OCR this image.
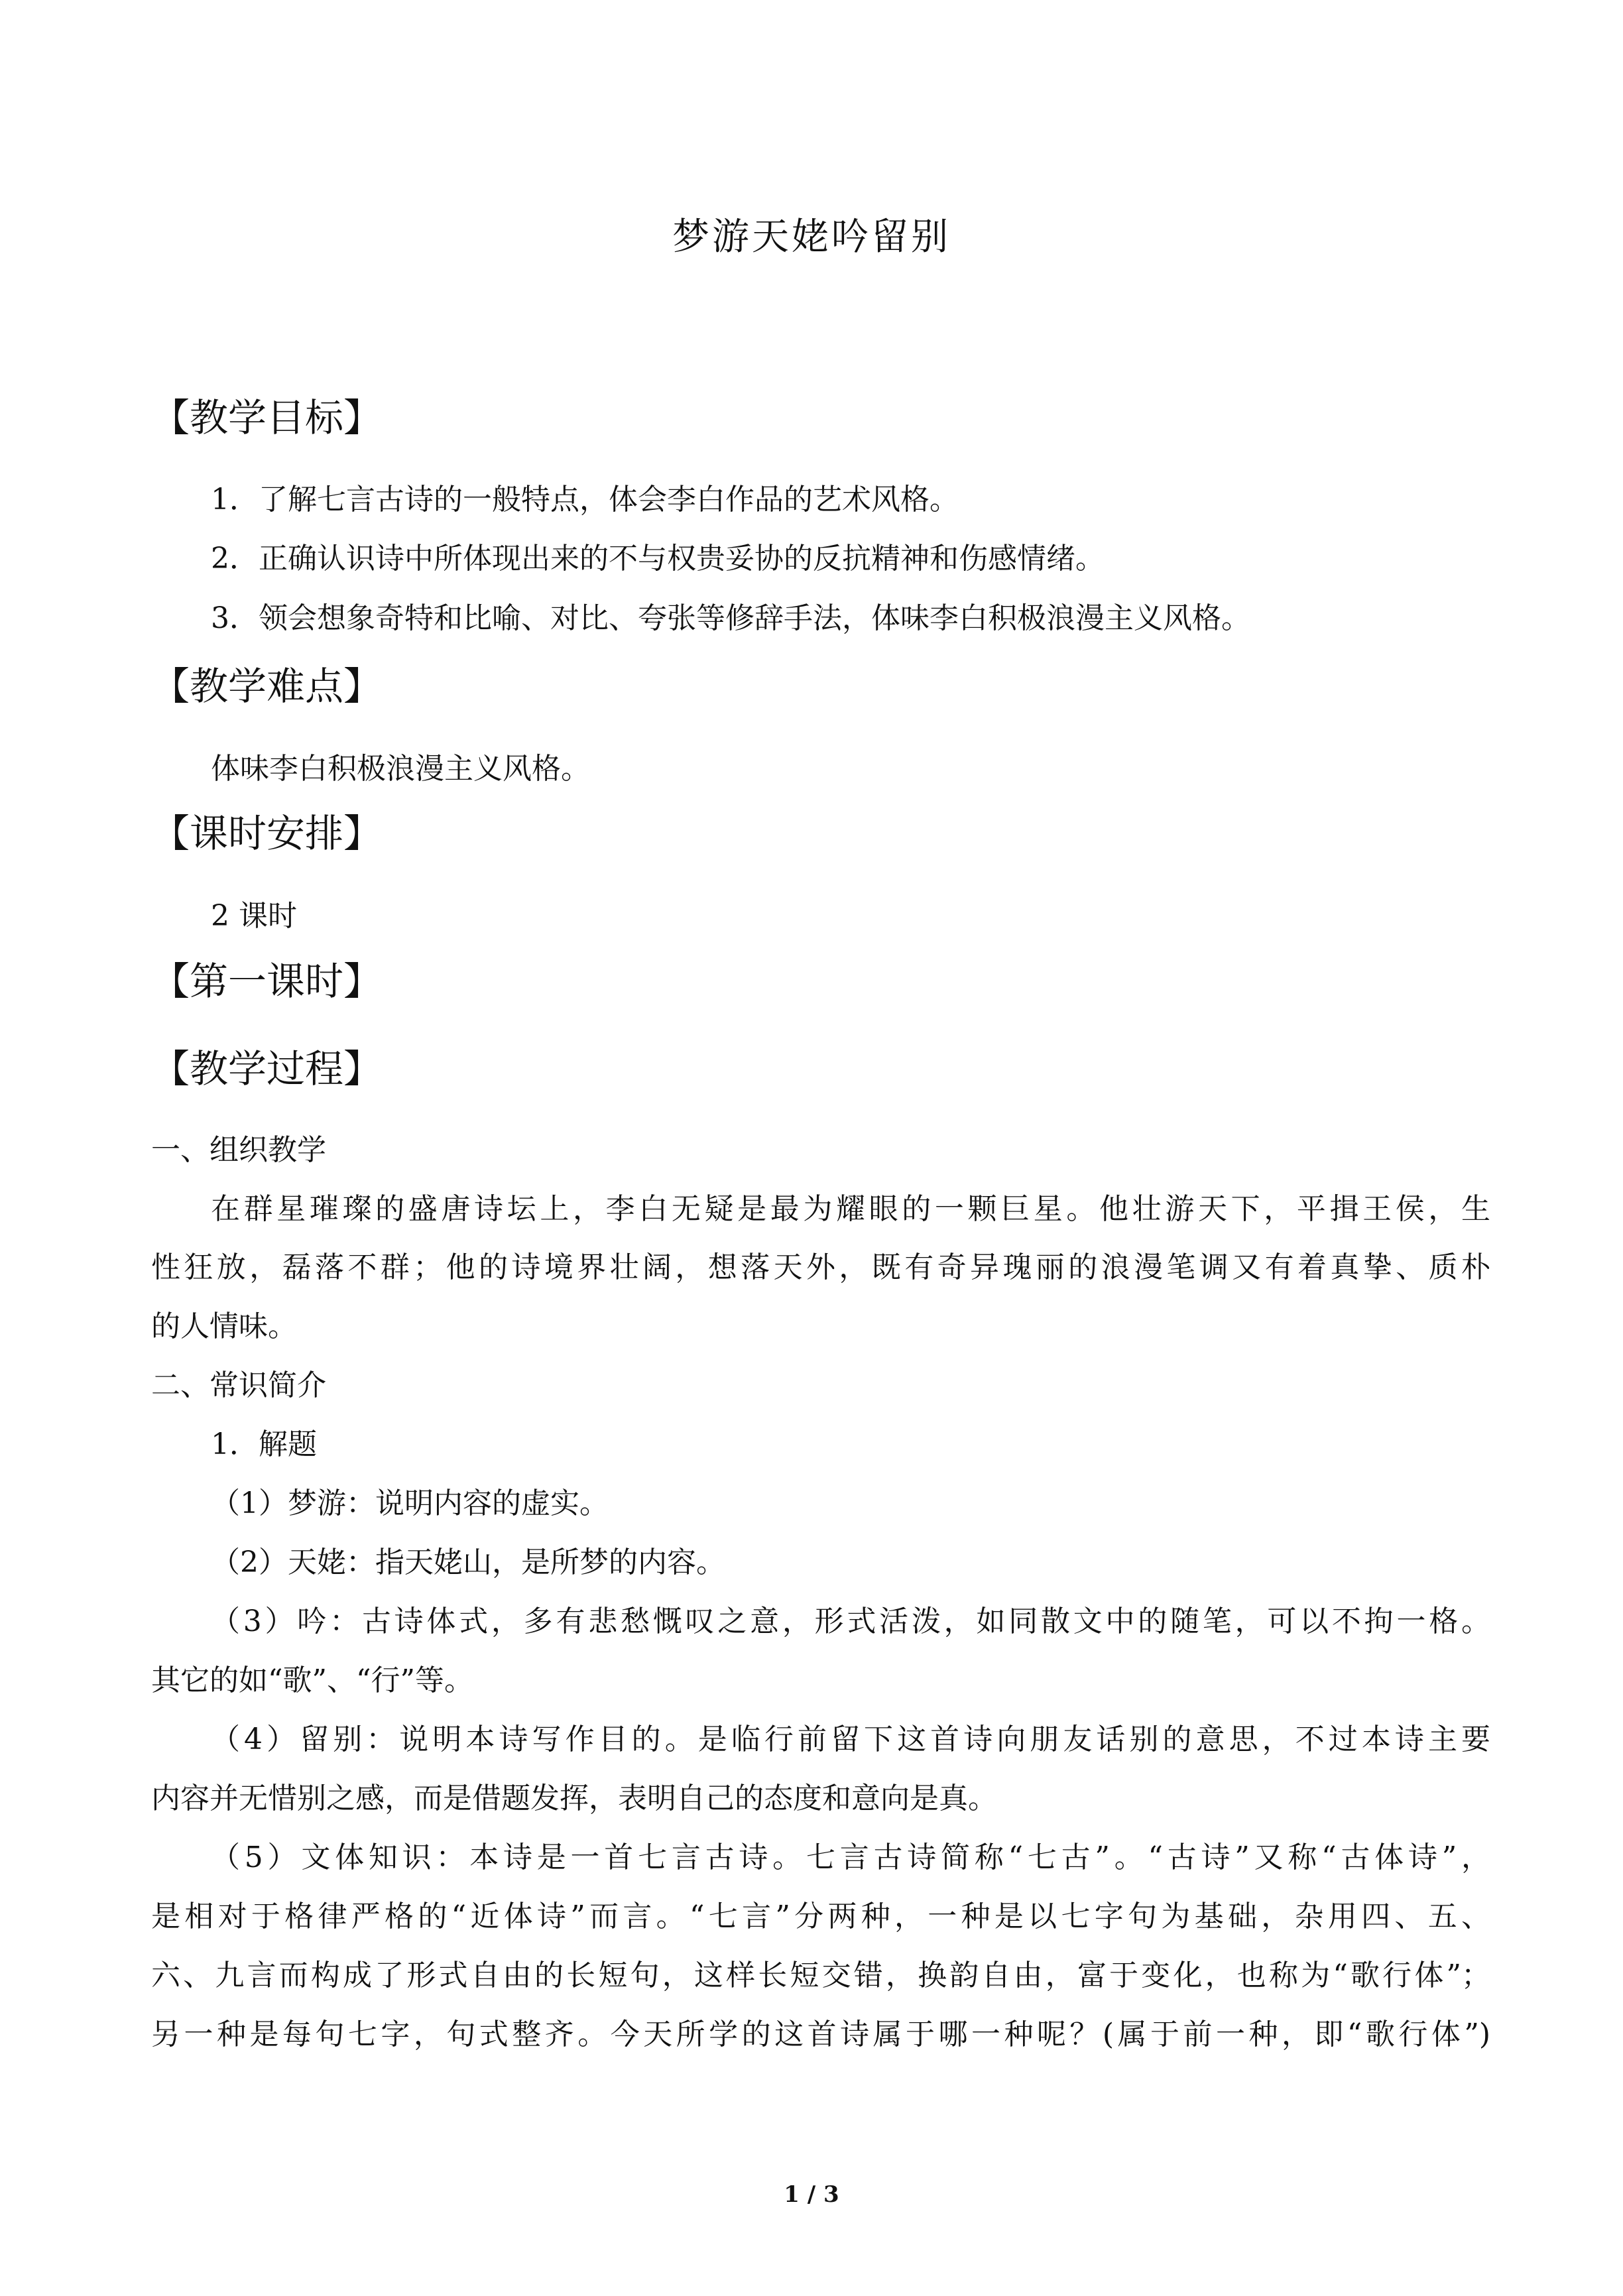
梦游天姥吟留别
【教学目标】
1．了解七言古诗的一般特点，体会李白作品的艺术风格。
2．正确认识诗中所体现出来的不与权贵妥协的反抗精神和伤感情绪。
3．领会想象奇特和比喻、对比、夸张等修辞手法，体味李白积极浪漫主义风格。
【教学难点】
体味李白积极浪漫主义风格。
【课时安排】
2 课时
【第一课时】
【教学过程】
一、组织教学
在群星璀璨的盛唐诗坛上，李白无疑是最为耀眼的一颗巨星。他壮游天下，平揖王侯，生
性狂放，磊落不群；他的诗境界壮阔，想落天外，既有奇异瑰丽的浪漫笔调又有着真挚、质朴
的人情味。
二、常识简介
1．解题
（1）梦游：说明内容的虚实。
（2）天姥：指天姥山，是所梦的内容。
（3）吟：古诗体式，多有悲愁慨叹之意，形式活泼，如同散文中的随笔，可以不拘一格。
其它的如“歌”、“行”等。
（4）留别：说明本诗写作目的。是临行前留下这首诗向朋友话别的意思，不过本诗主要
内容并无惜别之感，而是借题发挥，表明自己的态度和意向是真。
（5）文体知识：本诗是一首七言古诗。七言古诗简称“七古”。“古诗”又称“古体诗”，
是相对于格律严格的“近体诗”而言。“七言”分两种，一种是以七字句为基础，杂用四、五、
六、九言而构成了形式自由的长短句，这样长短交错，换韵自由，富于变化，也称为“歌行体”；
另一种是每句七字，句式整齐。今天所学的这首诗属于哪一种呢？(属于前一种，即“歌行体”)
1 / 3
